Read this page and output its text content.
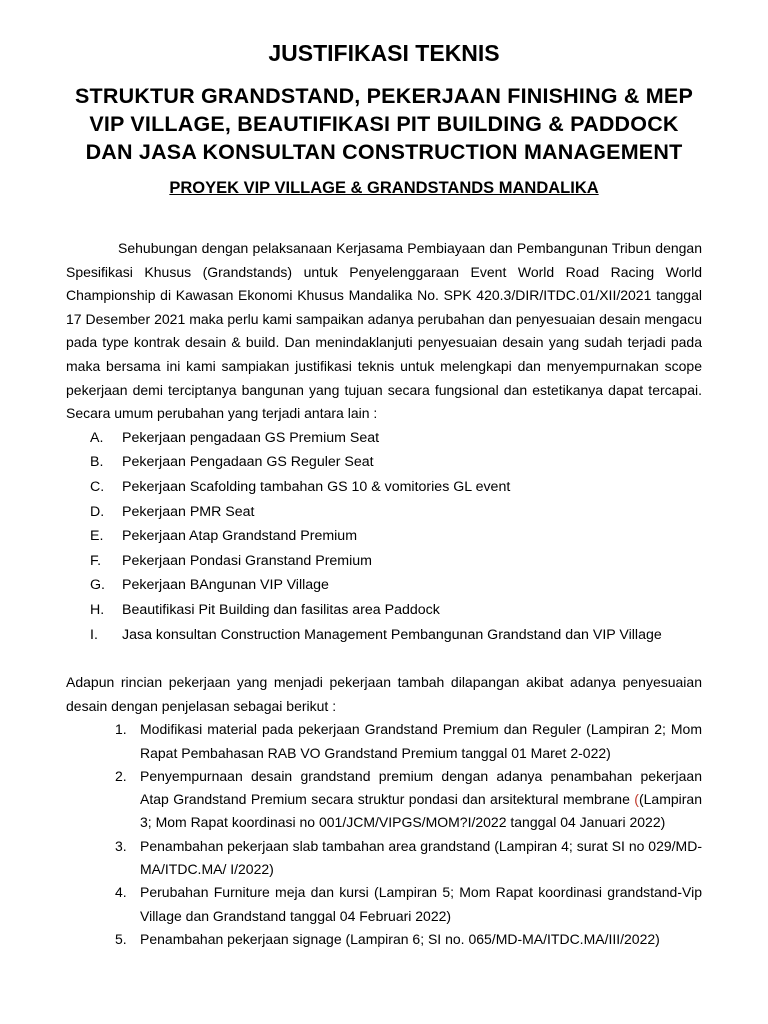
JUSTIFIKASI TEKNIS
STRUKTUR GRANDSTAND, PEKERJAAN FINISHING & MEP
VIP VILLAGE, BEAUTIFIKASI PIT BUILDING & PADDOCK
DAN JASA KONSULTAN CONSTRUCTION MANAGEMENT
PROYEK VIP VILLAGE & GRANDSTANDS MANDALIKA

Sehubungan dengan pelaksanaan Kerjasama Pembiayaan dan Pembangunan Tribun dengan Spesifikasi Khusus (Grandstands) untuk Penyelenggaraan Event World Road Racing World Championship di Kawasan Ekonomi Khusus Mandalika No. SPK 420.3/DIR/ITDC.01/XII/2021 tanggal 17 Desember 2021 maka perlu kami sampaikan adanya perubahan dan penyesuaian desain mengacu pada type kontrak desain & build. Dan menindaklanjuti penyesuaian desain yang sudah terjadi pada maka bersama ini kami sampiakan justifikasi teknis untuk melengkapi dan menyempurnakan scope pekerjaan demi terciptanya bangunan yang tujuan secara fungsional dan estetikanya dapat tercapai. Secara umum perubahan yang terjadi antara lain :

A.	Pekerjaan pengadaan GS Premium Seat
B.	Pekerjaan Pengadaan GS Reguler Seat
C.	Pekerjaan Scafolding tambahan GS 10 & vomitories GL event
D.	Pekerjaan PMR Seat
E.	Pekerjaan Atap Grandstand Premium
F.	Pekerjaan Pondasi Granstand Premium
G.	Pekerjaan BAngunan VIP Village
H.	Beautifikasi Pit Building dan fasilitas area Paddock
I.	Jasa konsultan Construction Management Pembangunan Grandstand dan VIP Village

Adapun rincian pekerjaan yang menjadi pekerjaan tambah dilapangan akibat adanya penyesuaian desain dengan penjelasan sebagai berikut :

1. Modifikasi material pada pekerjaan Grandstand Premium dan Reguler (Lampiran 2; Mom Rapat Pembahasan RAB VO Grandstand Premium tanggal 01 Maret 2-022)
2. Penyempurnaan desain grandstand premium dengan adanya penambahan pekerjaan Atap Grandstand Premium secara struktur pondasi dan arsitektural membrane ((Lampiran 3; Mom Rapat koordinasi no 001/JCM/VIPGS/MOM?I/2022 tanggal 04 Januari 2022)
3. Penambahan pekerjaan slab tambahan area grandstand (Lampiran 4; surat SI no 029/MD-MA/ITDC.MA/ I/2022)
4. Perubahan Furniture meja dan kursi (Lampiran 5; Mom Rapat koordinasi grandstand-Vip Village dan Grandstand tanggal 04 Februari 2022)
5. Penambahan pekerjaan signage (Lampiran 6; SI no. 065/MD-MA/ITDC.MA/III/2022)
